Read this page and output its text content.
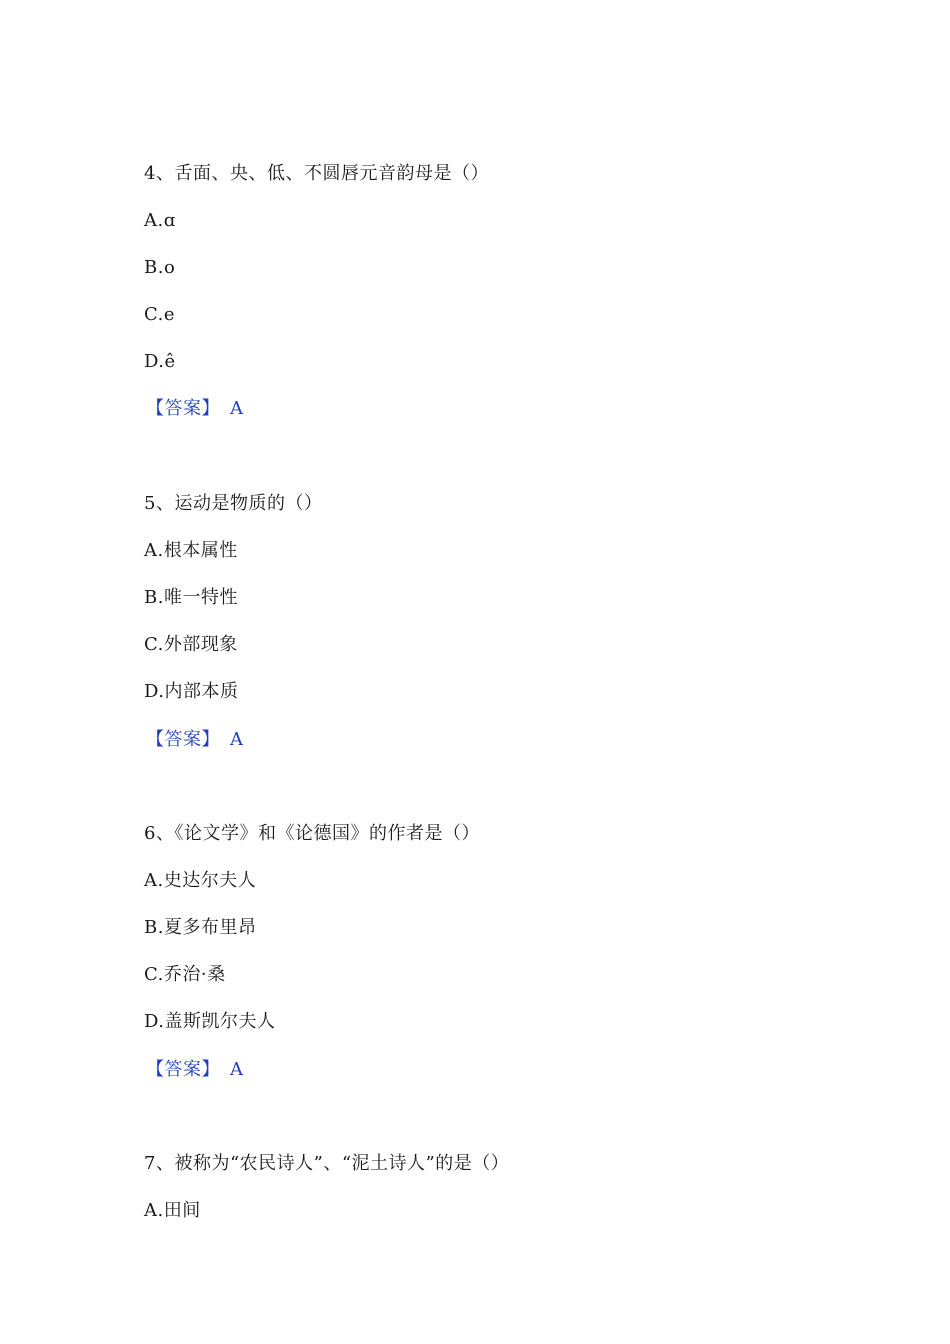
4、舌面、央、低、不圆唇元音韵母是（）
A.ɑ
B.o
C.e
D.ê
【答案】 A
5、运动是物质的（）
A.根本属性
B.唯一特性
C.外部现象
D.内部本质
【答案】 A
6、《论文学》和《论德国》的作者是（）
A.史达尔夫人
B.夏多布里昂
C.乔治·桑
D.盖斯凯尔夫人
【答案】 A
7、被称为“农民诗人”、“泥土诗人”的是（）
A.田间
